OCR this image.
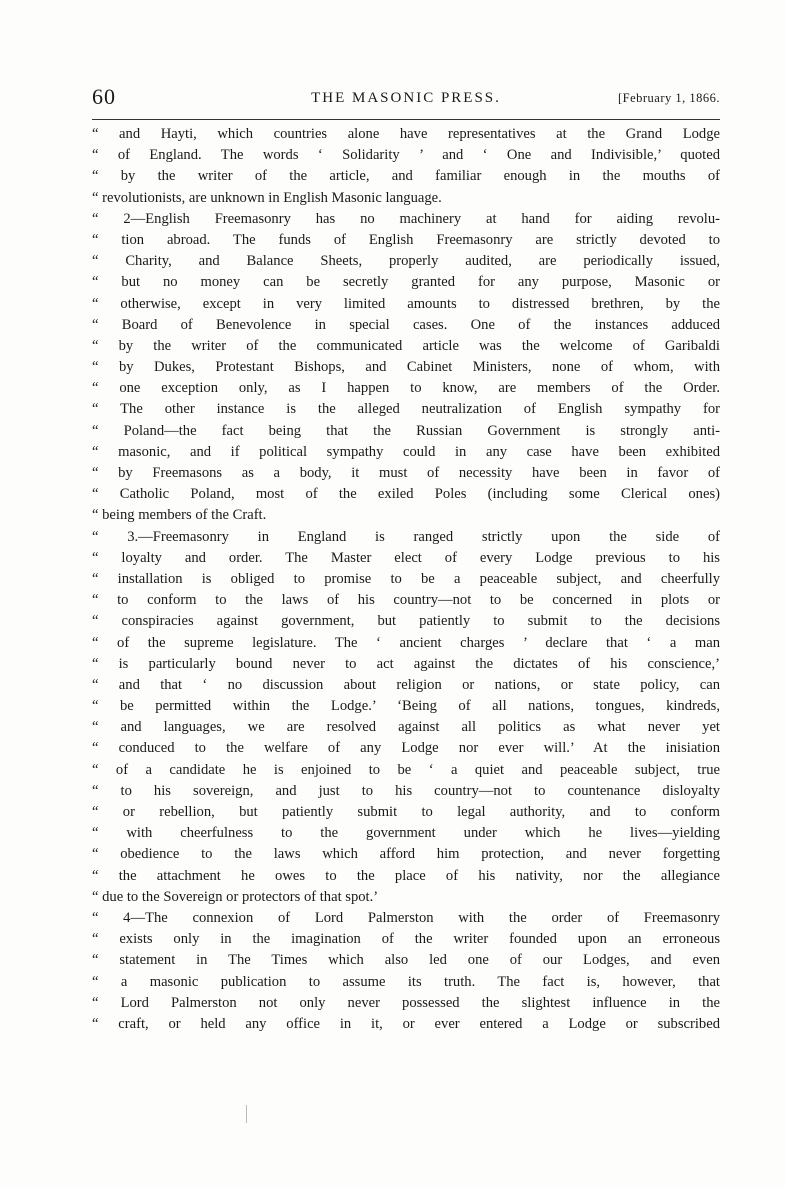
60	THE MASONIC PRESS.	[February 1, 1866.
“ and Hayti, which countries alone have representatives at the Grand Lodge
“ of England. The words ‘ Solidarity ’ and ‘ One and Indivisible,’ quoted
“ by the writer of the article, and familiar enough in the mouths of
“ revolutionists, are unknown in English Masonic language.
“ 2—English Freemasonry has no machinery at hand for aiding revolu-
“ tion abroad. The funds of English Freemasonry are strictly devoted to
“ Charity, and Balance Sheets, properly audited, are periodically issued,
“ but no money can be secretly granted for any purpose, Masonic or
“ otherwise, except in very limited amounts to distressed brethren, by the
“ Board of Benevolence in special cases. One of the instances adduced
“ by the writer of the communicated article was the welcome of Garibaldi
“ by Dukes, Protestant Bishops, and Cabinet Ministers, none of whom, with
“ one exception only, as I happen to know, are members of the Order.
“ The other instance is the alleged neutralization of English sympathy for
“ Poland—the fact being that the Russian Government is strongly anti-
“ masonic, and if political sympathy could in any case have been exhibited
“ by Freemasons as a body, it must of necessity have been in favor of
“ Catholic Poland, most of the exiled Poles (including some Clerical ones)
“ being members of the Craft.
“ 3.—Freemasonry in England is ranged strictly upon the side of
“ loyalty and order. The Master elect of every Lodge previous to his
“ installation is obliged to promise to be a peaceable subject, and cheerfully
“ to conform to the laws of his country—not to be concerned in plots or
“ conspiracies against government, but patiently to submit to the decisions
“ of the supreme legislature. The ‘ ancient charges ’ declare that ‘ a man
“ is particularly bound never to act against the dictates of his conscience,’
“ and that ‘ no discussion about religion or nations, or state policy, can
“ be permitted within the Lodge.’ ‘Being of all nations, tongues, kindreds,
“ and languages, we are resolved against all politics as what never yet
“ conduced to the welfare of any Lodge nor ever will.’ At the inisiation
“ of a candidate he is enjoined to be ‘ a quiet and peaceable subject, true
“ to his sovereign, and just to his country—not to countenance disloyalty
“ or rebellion, but patiently submit to legal authority, and to conform
“ with cheerfulness to the government under which he lives—yielding
“ obedience to the laws which afford him protection, and never forgetting
“ the attachment he owes to the place of his nativity, nor the allegiance
“ due to the Sovereign or protectors of that spot.’
“ 4—The connexion of Lord Palmerston with the order of Freemasonry
“ exists only in the imagination of the writer founded upon an erroneous
“ statement in The Times which also led one of our Lodges, and even
“ a masonic publication to assume its truth. The fact is, however, that
“ Lord Palmerston not only never possessed the slightest influence in the
“ craft, or held any office in it, or ever entered a Lodge or subscribed
